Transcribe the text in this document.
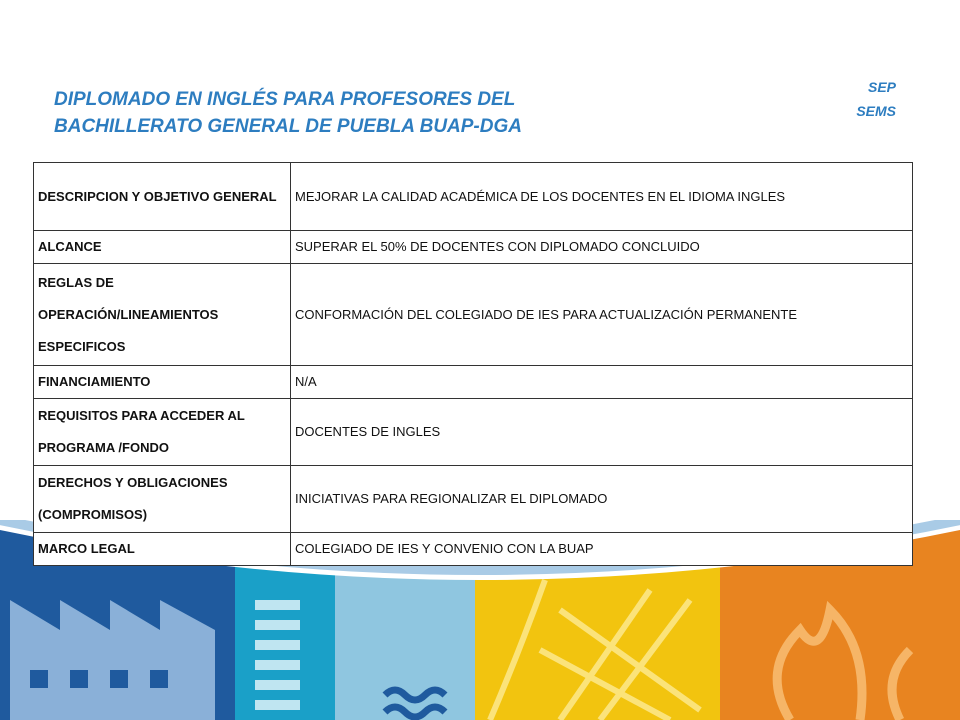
DIPLOMADO EN INGLÉS PARA PROFESORES DEL
BACHILLERATO GENERAL DE PUEBLA BUAP-DGA
SEP
SEMS
DESCRIPCION Y OBJETIVO GENERAL	MEJORAR LA CALIDAD ACADÉMICA DE LOS DOCENTES EN EL IDIOMA INGLES
ALCANCE	SUPERAR EL 50% DE DOCENTES CON DIPLOMADO CONCLUIDO
REGLAS DE OPERACIÓN/LINEAMIENTOS ESPECIFICOS	CONFORMACIÓN DEL COLEGIADO DE IES PARA ACTUALIZACIÓN PERMANENTE
FINANCIAMIENTO	N/A
REQUISITOS PARA ACCEDER AL PROGRAMA /FONDO	DOCENTES DE INGLES
DERECHOS Y OBLIGACIONES (COMPROMISOS)	INICIATIVAS PARA REGIONALIZAR EL DIPLOMADO
MARCO LEGAL	COLEGIADO DE IES Y CONVENIO CON LA BUAP
